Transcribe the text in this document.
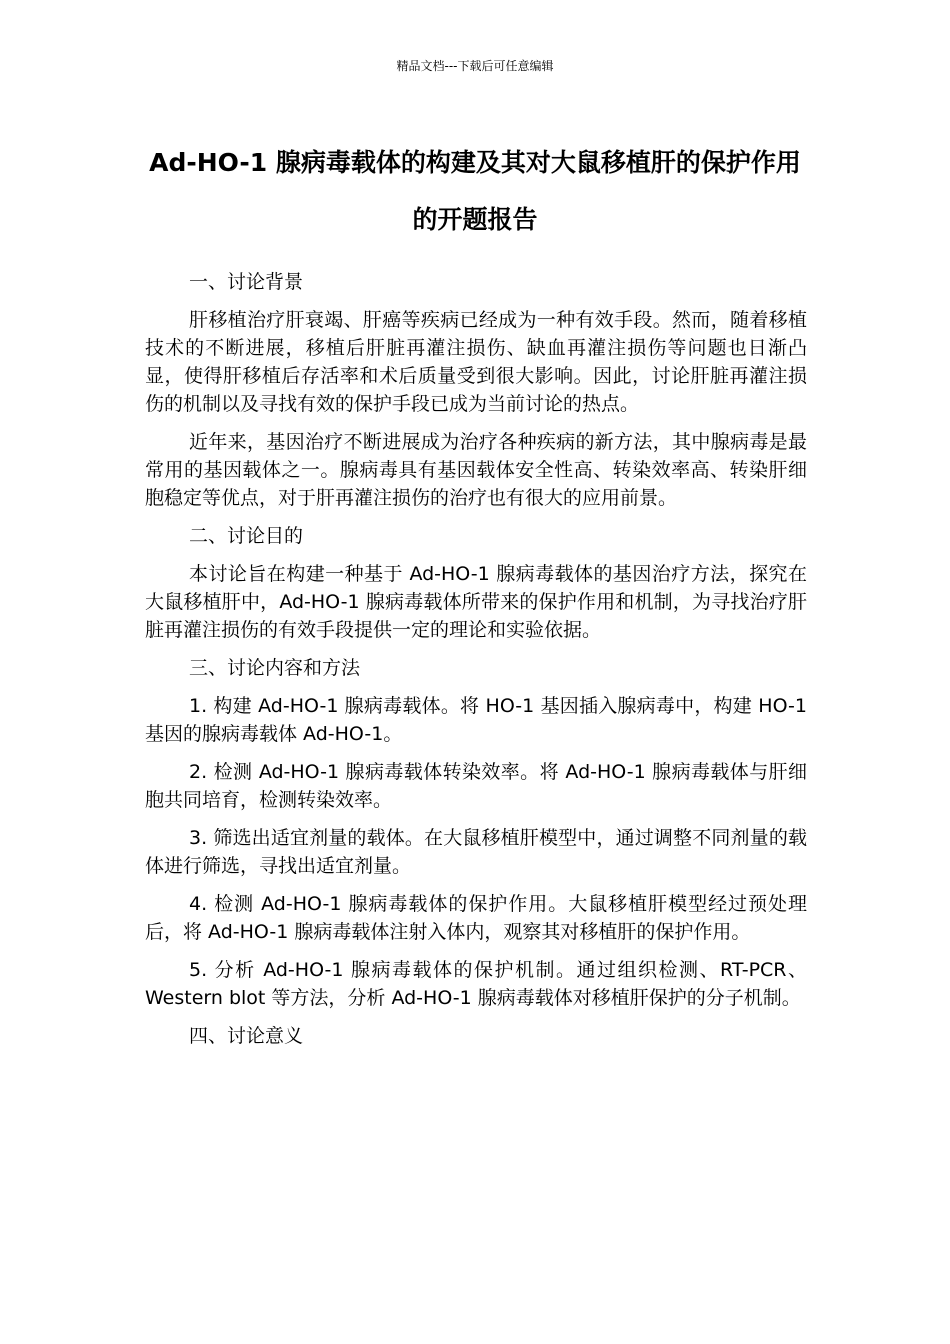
精品文档---下载后可任意编辑
Ad-HO-1 腺病毒载体的构建及其对大鼠移植肝的保护作用的开题报告

一、讨论背景

肝移植治疗肝衰竭、肝癌等疾病已经成为一种有效手段。然而，随着移植技术的不断进展，移植后肝脏再灌注损伤、缺血再灌注损伤等问题也日渐凸显，使得肝移植后存活率和术后质量受到很大影响。因此，讨论肝脏再灌注损伤的机制以及寻找有效的保护手段已成为当前讨论的热点。

近年来，基因治疗不断进展成为治疗各种疾病的新方法，其中腺病毒是最常用的基因载体之一。腺病毒具有基因载体安全性高、转染效率高、转染肝细胞稳定等优点，对于肝再灌注损伤的治疗也有很大的应用前景。

二、讨论目的

本讨论旨在构建一种基于 Ad-HO-1 腺病毒载体的基因治疗方法，探究在大鼠移植肝中，Ad-HO-1 腺病毒载体所带来的保护作用和机制，为寻找治疗肝脏再灌注损伤的有效手段提供一定的理论和实验依据。

三、讨论内容和方法

1. 构建 Ad-HO-1 腺病毒载体。将 HO-1 基因插入腺病毒中，构建 HO-1 基因的腺病毒载体 Ad-HO-1。

2. 检测 Ad-HO-1 腺病毒载体转染效率。将 Ad-HO-1 腺病毒载体与肝细胞共同培育，检测转染效率。

3. 筛选出适宜剂量的载体。在大鼠移植肝模型中，通过调整不同剂量的载体进行筛选，寻找出适宜剂量。

4. 检测 Ad-HO-1 腺病毒载体的保护作用。大鼠移植肝模型经过预处理后，将 Ad-HO-1 腺病毒载体注射入体内，观察其对移植肝的保护作用。

5. 分析 Ad-HO-1 腺病毒载体的保护机制。通过组织检测、RT-PCR、Western blot 等方法，分析 Ad-HO-1 腺病毒载体对移植肝保护的分子机制。

四、讨论意义
